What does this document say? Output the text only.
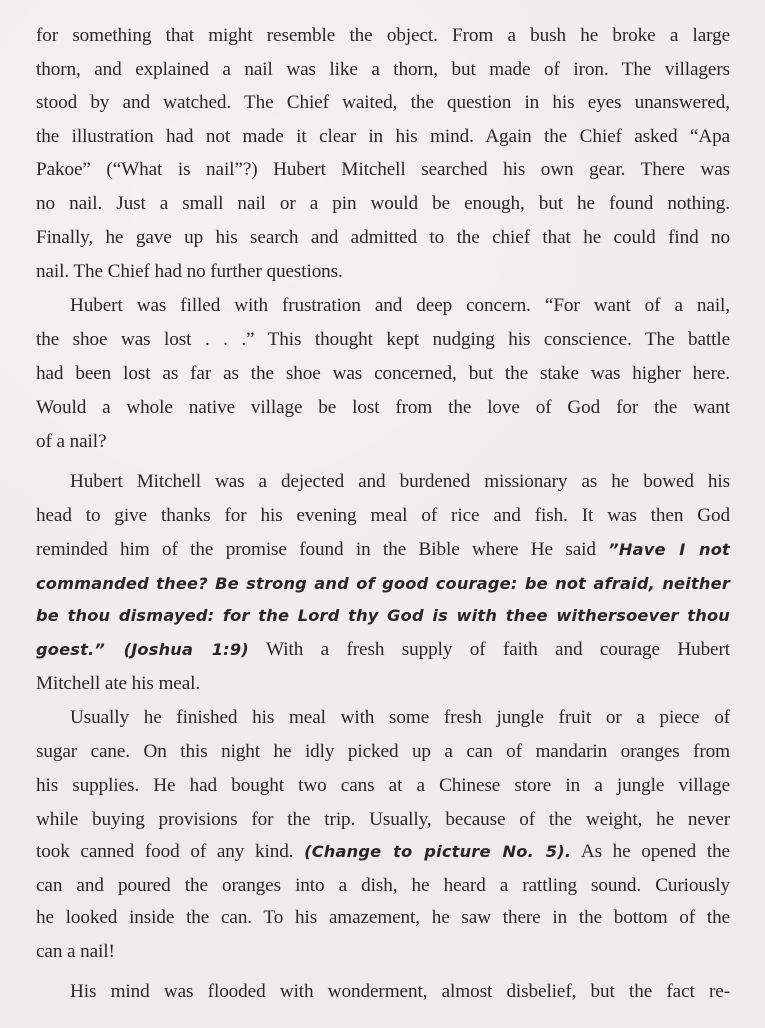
for something that might resemble the object. From a bush he broke a large
thorn, and explained a nail was like a thorn, but made of iron. The villagers
stood by and watched. The Chief waited, the question in his eyes unanswered,
the illustration had not made it clear in his mind. Again the Chief asked “Apa
Pakoe” (“What is nail”?) Hubert Mitchell searched his own gear. There was
no nail. Just a small nail or a pin would be enough, but he found nothing.
Finally, he gave up his search and admitted to the chief that he could find no
nail. The Chief had no further questions.
Hubert was filled with frustration and deep concern. “For want of a nail,
the shoe was lost . . .” This thought kept nudging his conscience. The battle
had been lost as far as the shoe was concerned, but the stake was higher here.
Would a whole native village be lost from the love of God for the want
of a nail?
Hubert Mitchell was a dejected and burdened missionary as he bowed his
head to give thanks for his evening meal of rice and fish. It was then God
reminded him of the promise found in the Bible where He said ”Have I not
commanded thee? Be strong and of good courage: be not afraid, neither
be thou dismayed: for the Lord thy God is with thee withersoever thou
goest.” (Joshua 1:9) With a fresh supply of faith and courage Hubert
Mitchell ate his meal.
Usually he finished his meal with some fresh jungle fruit or a piece of
sugar cane. On this night he idly picked up a can of mandarin oranges from
his supplies. He had bought two cans at a Chinese store in a jungle village
while buying provisions for the trip. Usually, because of the weight, he never
took canned food of any kind. (Change to picture No. 5). As he opened the
can and poured the oranges into a dish, he heard a rattling sound. Curiously
he looked inside the can. To his amazement, he saw there in the bottom of the
can a nail!
His mind was flooded with wonderment, almost disbelief, but the fact re-
